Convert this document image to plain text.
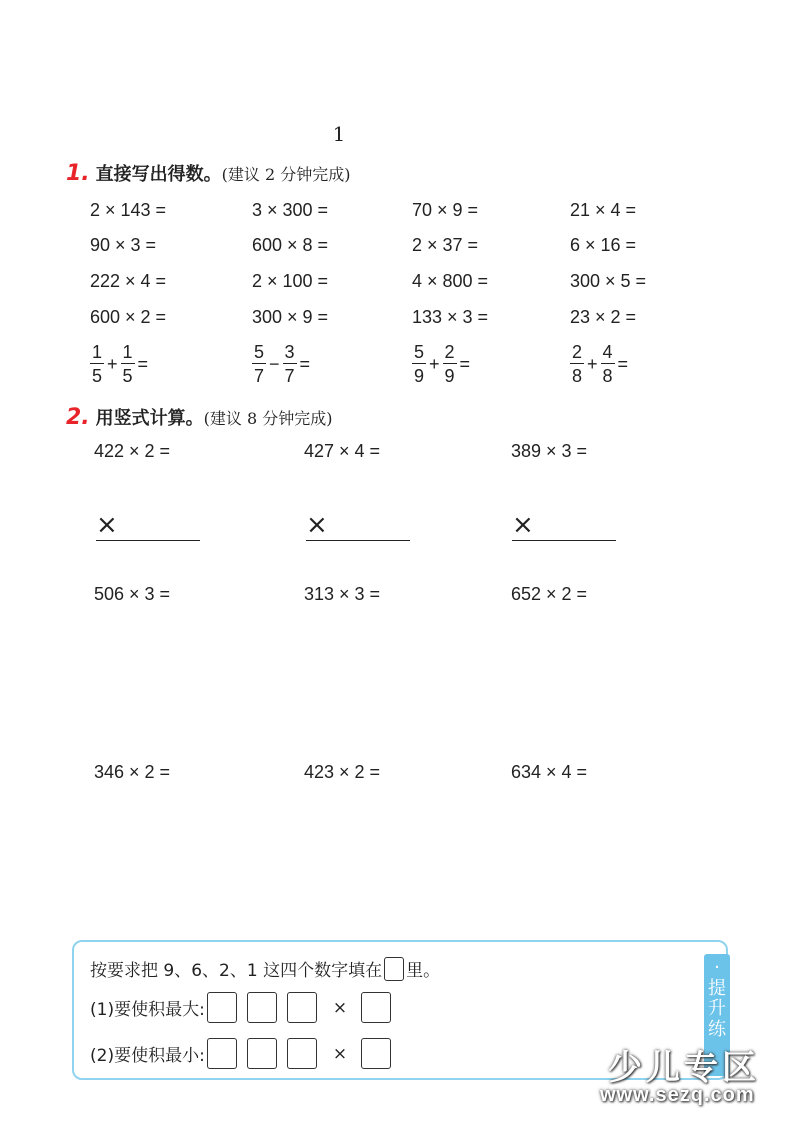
1
1. 直接写出得数。(建议 2 分钟完成)
2 × 143 =	3 × 300 =	70 × 9 =	21 × 4 =
90 × 3 =	600 × 8 =	2 × 37 =	6 × 16 =
222 × 4 =	2 × 100 =	4 × 800 =	300 × 5 =
600 × 2 =	300 × 9 =	133 × 3 =	23 × 2 =
$\frac{1}{5} + \frac{1}{5}$ =	$\frac{5}{7} - \frac{3}{7}$ =	$\frac{5}{9} + \frac{2}{9}$ =	$\frac{2}{8} + \frac{4}{8}$ =
2. 用竖式计算。(建议 8 分钟完成)
422 × 2 =	427 × 4 =	389 × 3 =
506 × 3 =	313 × 3 =	652 × 2 =
346 × 2 =	423 × 2 =	634 × 4 =
×	×	×
按要求把 9、6、2、1 这四个数字填在 里。
(1)要使积最大:	×
(2)要使积最小:	×
·
提
升
练
少儿专区
www.sezq.com
